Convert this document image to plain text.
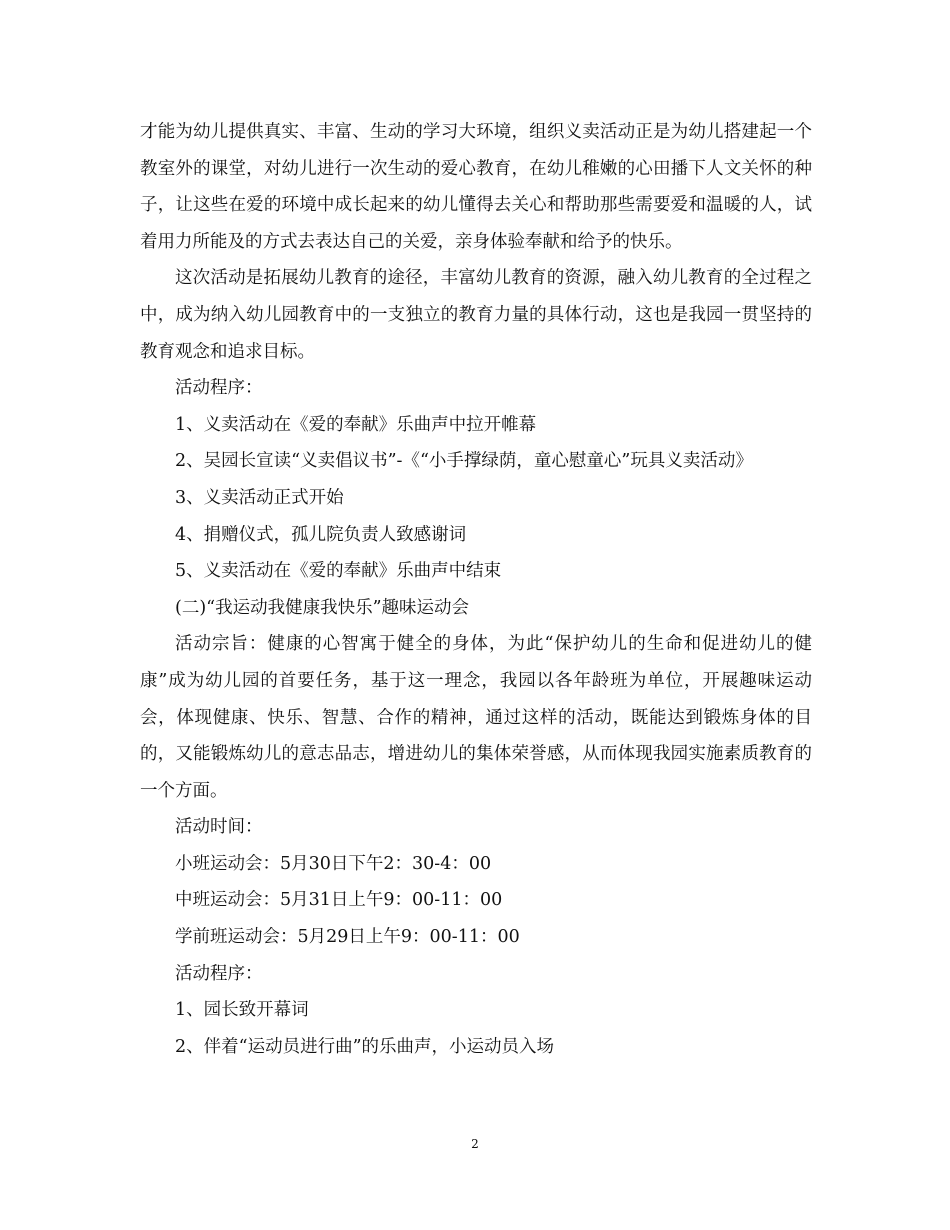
才能为幼儿提供真实、丰富、生动的学习大环境，组织义卖活动正是为幼儿搭建起一个教室外的课堂，对幼儿进行一次生动的爱心教育，在幼儿稚嫩的心田播下人文关怀的种子，让这些在爱的环境中成长起来的幼儿懂得去关心和帮助那些需要爱和温暖的人，试着用力所能及的方式去表达自己的关爱，亲身体验奉献和给予的快乐。

这次活动是拓展幼儿教育的途径，丰富幼儿教育的资源，融入幼儿教育的全过程之中，成为纳入幼儿园教育中的一支独立的教育力量的具体行动，这也是我园一贯坚持的教育观念和追求目标。

活动程序：

1、义卖活动在《爱的奉献》乐曲声中拉开帷幕

2、吴园长宣读“义卖倡议书”-《“小手撑绿荫，童心慰童心”玩具义卖活动》

3、义卖活动正式开始

4、捐赠仪式，孤儿院负责人致感谢词

5、义卖活动在《爱的奉献》乐曲声中结束

(二)“我运动我健康我快乐”趣味运动会

活动宗旨：健康的心智寓于健全的身体，为此“保护幼儿的生命和促进幼儿的健康”成为幼儿园的首要任务，基于这一理念，我园以各年龄班为单位，开展趣味运动会，体现健康、快乐、智慧、合作的精神，通过这样的活动，既能达到锻炼身体的目的，又能锻炼幼儿的意志品志，增进幼儿的集体荣誉感，从而体现我园实施素质教育的一个方面。

活动时间：

小班运动会：5月30日下午2：30-4：00

中班运动会：5月31日上午9：00-11：00

学前班运动会：5月29日上午9：00-11：00

活动程序：

1、园长致开幕词

2、伴着“运动员进行曲”的乐曲声，小运动员入场

2
